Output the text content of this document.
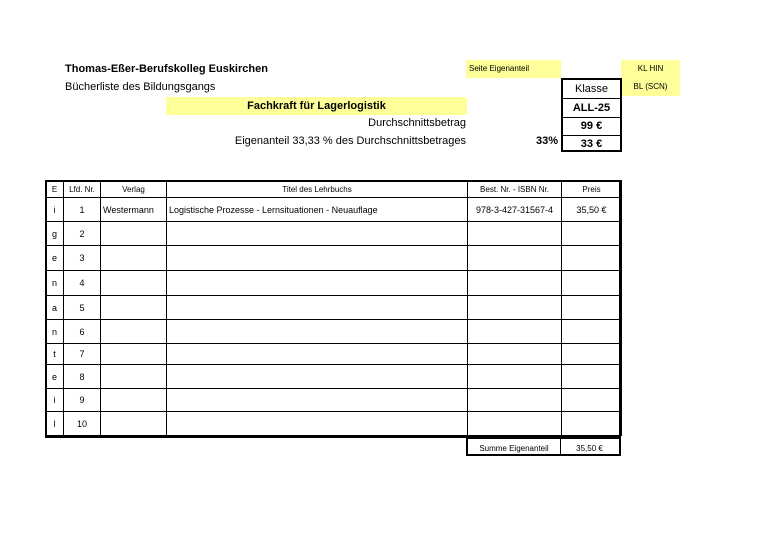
Thomas-Eßer-Berufskolleg Euskirchen
Bücherliste des Bildungsgangs
Fachkraft für Lagerlogistik
Durchschnittsbetrag
Eigenanteil 33,33 % des Durchschnittsbetrages	33%
Seite Eigenanteil	KL HIN
BL (SCN)
Klasse
ALL-25
99 €
33 €
E	Lfd. Nr.	Verlag	Titel des Lehrbuchs	Best. Nr. - ISBN Nr.	Preis
i	1	Westermann	Logistische Prozesse - Lernsituationen - Neuauflage	978-3-427-31567-4	35,50 €
g	2				
e	3				
n	4				
a	5				
n	6				
t	7				
e	8				
i	9				
l	10				
Summe Eigenanteil	35,50 €
